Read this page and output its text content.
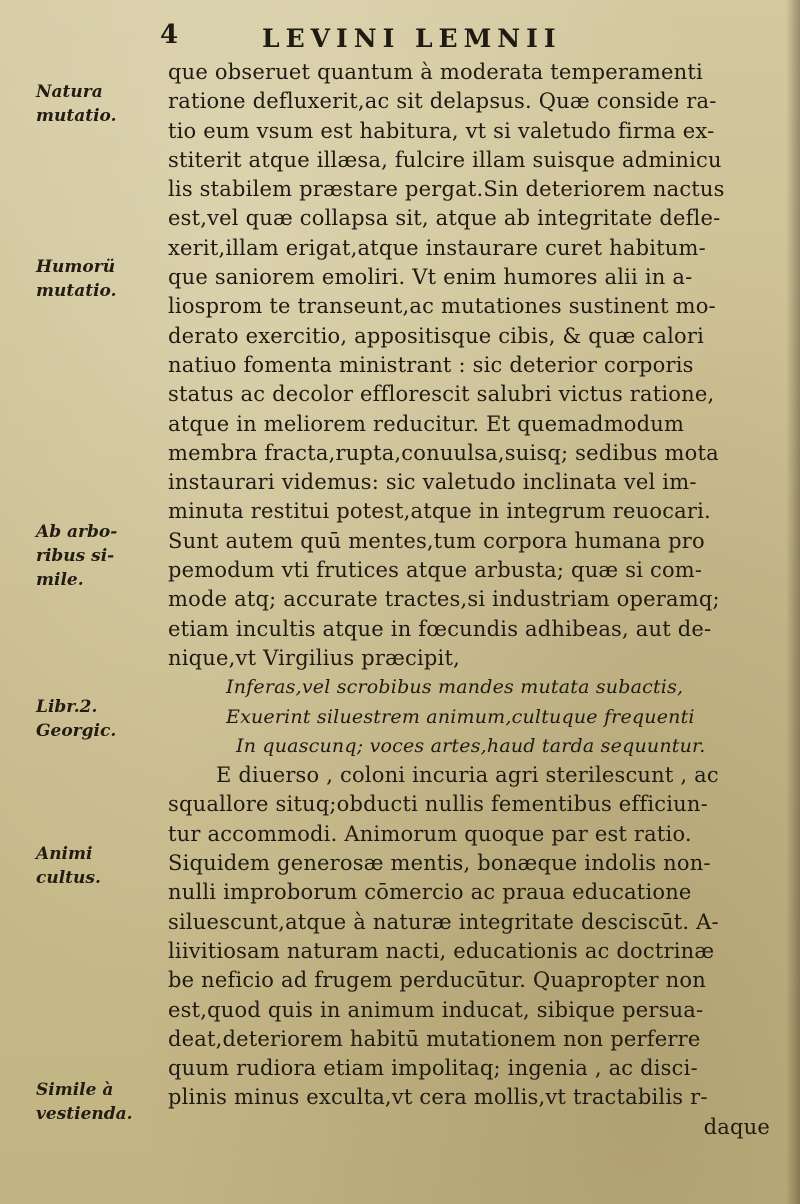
4	LEVINI LEMNII
Natura
mutatio.
Humorü
mutatio.
Ab arbo-
ribus si-
mile.
Libr.2.
Georgic.
Animi
cultus.
Simile à
vestienda.
que obseruet quantum à moderata temperamenti
ratione defluxerit,ac sit delapsus. Quæ conside ra-
tio eum vsum est habitura, vt si valetudo firma ex-
stiterit atque illæsa, fulcire illam suisque adminicu
lis stabilem præstare pergat.Sin deteriorem nactus
est,vel quæ collapsa sit, atque ab integritate defle-
xerit,illam erigat,atque instaurare curet habitum-
que saniorem emoliri. Vt enim humores alii in a-
liosprom te transeunt,ac mutationes sustinent mo-
derato exercitio, appositisque cibis, & quæ calori
natiuo fomenta ministrant : sic deterior corporis
status ac decolor efflorescit salubri victus ratione,
atque in meliorem reducitur. Et quemadmodum
membra fracta,rupta,conuulsa,suisq; sedibus mota
instaurari videmus: sic valetudo inclinata vel im-
minuta restitui potest,atque in integrum reuocari.
Sunt autem quū mentes,tum corpora humana pro
pemodum vti frutices atque arbusta; quæ si com-
mode atq; accurate tractes,si industriam operamq;
etiam incultis atque in fœcundis adhibeas, aut de-
nique,vt Virgilius præcipit,
Inferas,vel scrobibus mandes mutata subactis,
Exuerint siluestrem animum,cultuque frequenti
In quascunq; voces artes,haud tarda sequuntur.
E diuerso , coloni incuria agri sterilescunt , ac
squallore situq;obducti nullis fementibus efficiun-
tur accommodi. Animorum quoque par est ratio.
Siquidem generosæ mentis, bonæque indolis non-
nulli improborum cōmercio ac praua educatione
siluescunt,atque à naturæ integritate desciscūt. A-
liivitiosam naturam nacti, educationis ac doctrinæ
be neficio ad frugem perducūtur. Quapropter non
est,quod quis in animum inducat, sibique persua-
deat,deteriorem habitū mutationem non perferre
quum rudiora etiam impolitaq; ingenia , ac disci-
plinis minus exculta,vt cera mollis,vt tractabilis r-
daque
